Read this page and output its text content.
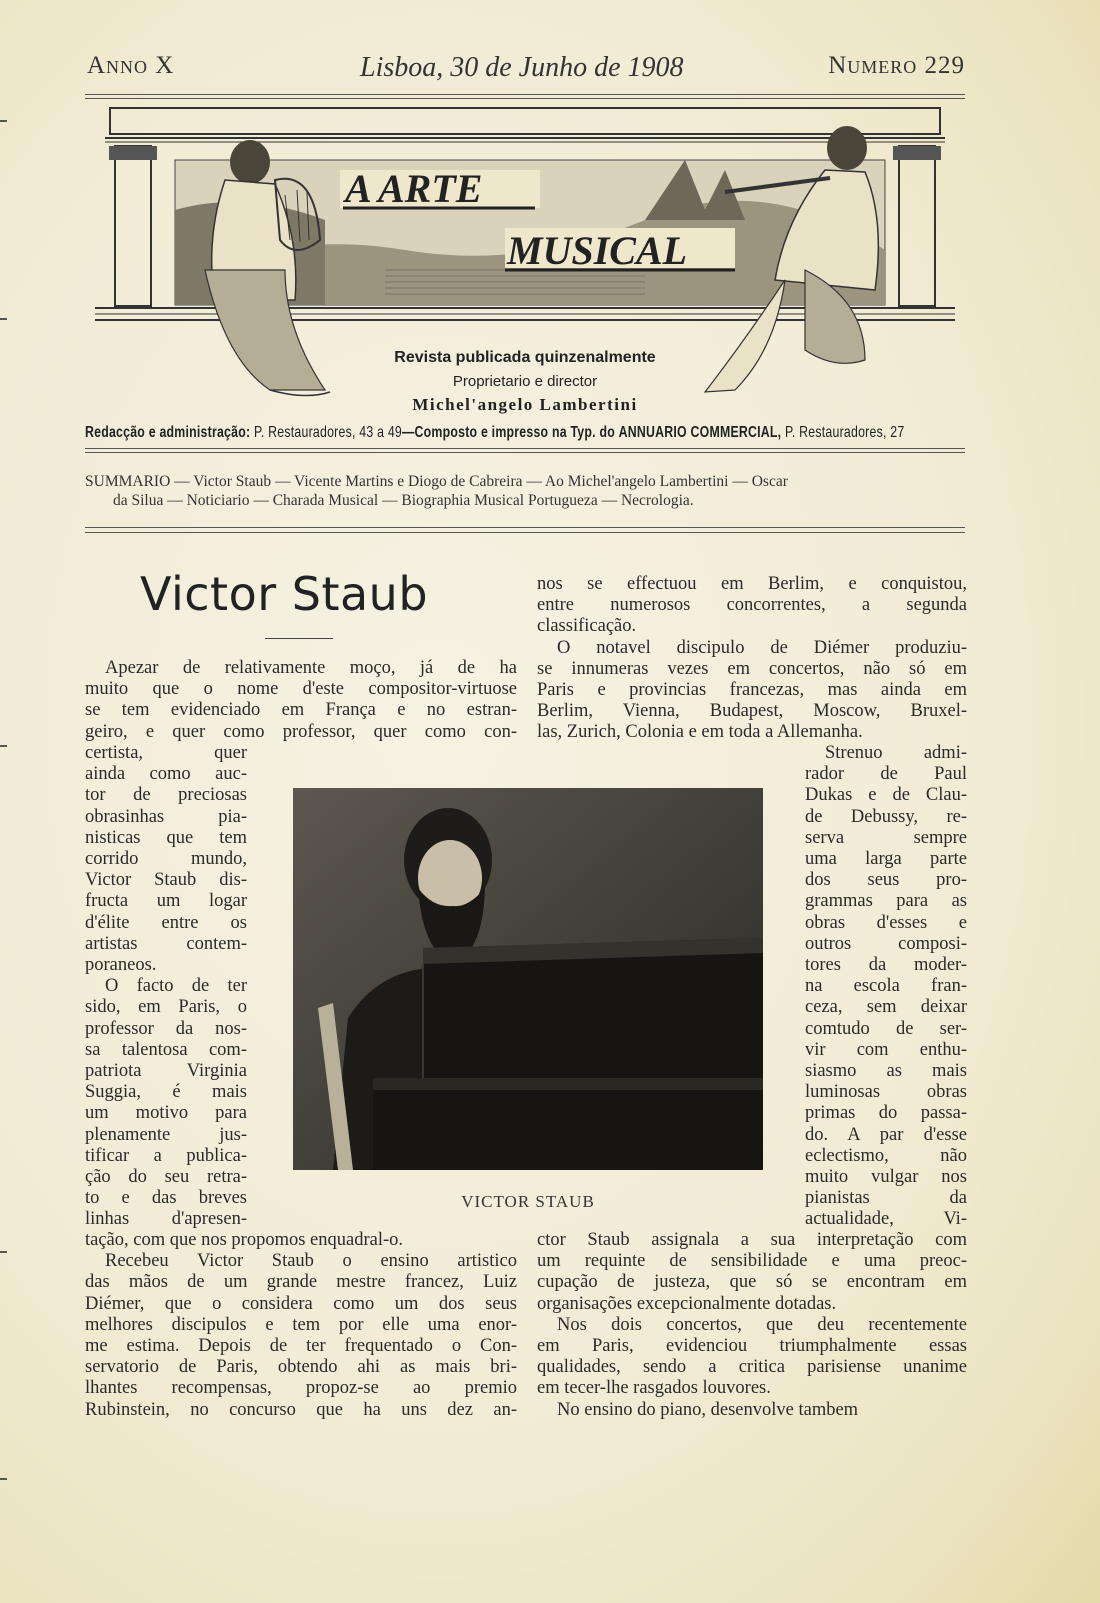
Anno X	Lisboa, 30 de Junho de 1908	Numero 229
A ARTE
MUSICAL
Revista publicada quinzenalmente
Proprietario e director
Michel'angelo Lambertini
Redacção e administração: P. Restauradores, 43 a 49—Composto e impresso na Typ. do ANNUARIO COMMERCIAL, P. Restauradores, 27
SUMMARIO — Victor Staub — Vicente Martins e Diogo de Cabreira — Ao Michel'angelo Lambertini — Oscar
da Silua — Noticiario — Charada Musical — Biographia Musical Portugueza — Necrologia.
Victor Staub

Apezar de relativamente moço, já de ha

muito que o nome d'este compositor-virtuose

se tem evidenciado em França e no estran-

geiro, e quer como professor, quer como con-

certista, quer

ainda como auc-

tor de preciosas

obrasinhas pia-

nisticas que tem

corrido mundo,

Victor Staub dis-

fructa um logar

d'élite entre os

artistas contem-

poraneos.

O facto de ter

sido, em Paris, o

professor da nos-

sa talentosa com-

patriota Virginia

Suggia, é mais

um motivo para

plenamente jus-

tificar a publica-

ção do seu retra-

to e das breves

linhas d'apresen-

tação, com que nos propomos enquadral-o.

Recebeu Victor Staub o ensino artistico

das mãos de um grande mestre francez, Luiz

Diémer, que o considera como um dos seus

melhores discipulos e tem por elle uma enor-

me estima. Depois de ter frequentado o Con-

servatorio de Paris, obtendo ahi as mais bri-

lhantes recompensas, propoz-se ao premio

Rubinstein, no concurso que ha uns dez an-

nos se effectuou em Berlim, e conquistou,

entre numerosos concorrentes, a segunda

classificação.

O notavel discipulo de Diémer produziu-

se innumeras vezes em concertos, não só em

Paris e provincias francezas, mas ainda em

Berlim, Vienna, Budapest, Moscow, Bruxel-

las, Zurich, Colonia e em toda a Allemanha.

Strenuo admi-

rador de Paul

Dukas e de Clau-

de Debussy, re-

serva sempre

uma larga parte

dos seus pro-

grammas para as

obras d'esses e

outros composi-

tores da moder-

na escola fran-

ceza, sem deixar

comtudo de ser-

vir com enthu-

siasmo as mais

luminosas obras

primas do passa-

do. A par d'esse

eclectismo, não

muito vulgar nos

pianistas da

actualidade, Vi-

ctor Staub assignala a sua interpretação com

um requinte de sensibilidade e uma preoc-

cupação de justeza, que só se encontram em

organisações excepcionalmente dotadas.

Nos dois concertos, que deu recentemente

em Paris, evidenciou triumphalmente essas

qualidades, sendo a critica parisiense unanime

em tecer-lhe rasgados louvores.

No ensino do piano, desenvolve tambem

VICTOR STAUB
